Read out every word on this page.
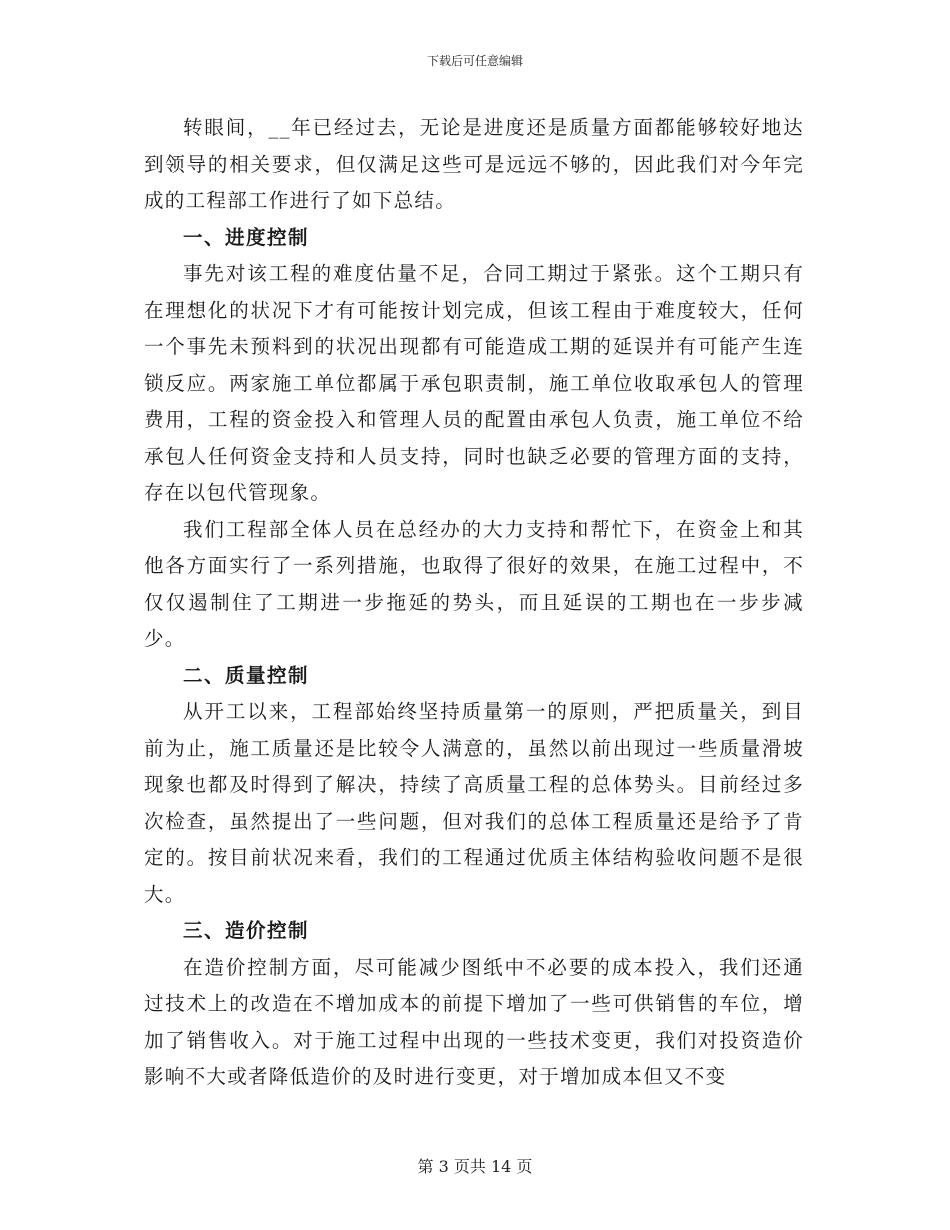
下载后可任意编辑

转眼间，__年已经过去，无论是进度还是质量方面都能够较好地达到领导的相关要求，但仅满足这些可是远远不够的，因此我们对今年完成的工程部工作进行了如下总结。

一、进度控制

事先对该工程的难度估量不足，合同工期过于紧张。这个工期只有在理想化的状况下才有可能按计划完成，但该工程由于难度较大，任何一个事先未预料到的状况出现都有可能造成工期的延误并有可能产生连锁反应。两家施工单位都属于承包职责制，施工单位收取承包人的管理费用，工程的资金投入和管理人员的配置由承包人负责，施工单位不给承包人任何资金支持和人员支持，同时也缺乏必要的管理方面的支持，存在以包代管现象。

我们工程部全体人员在总经办的大力支持和帮忙下，在资金上和其他各方面实行了一系列措施，也取得了很好的效果，在施工过程中，不仅仅遏制住了工期进一步拖延的势头，而且延误的工期也在一步步减少。

二、质量控制

从开工以来，工程部始终坚持质量第一的原则，严把质量关，到目前为止，施工质量还是比较令人满意的，虽然以前出现过一些质量滑坡现象也都及时得到了解决，持续了高质量工程的总体势头。目前经过多次检查，虽然提出了一些问题，但对我们的总体工程质量还是给予了肯定的。按目前状况来看，我们的工程通过优质主体结构验收问题不是很大。

三、造价控制

在造价控制方面，尽可能减少图纸中不必要的成本投入，我们还通过技术上的改造在不增加成本的前提下增加了一些可供销售的车位，增加了销售收入。对于施工过程中出现的一些技术变更，我们对投资造价影响不大或者降低造价的及时进行变更，对于增加成本但又不变

第 3 页共 14 页
